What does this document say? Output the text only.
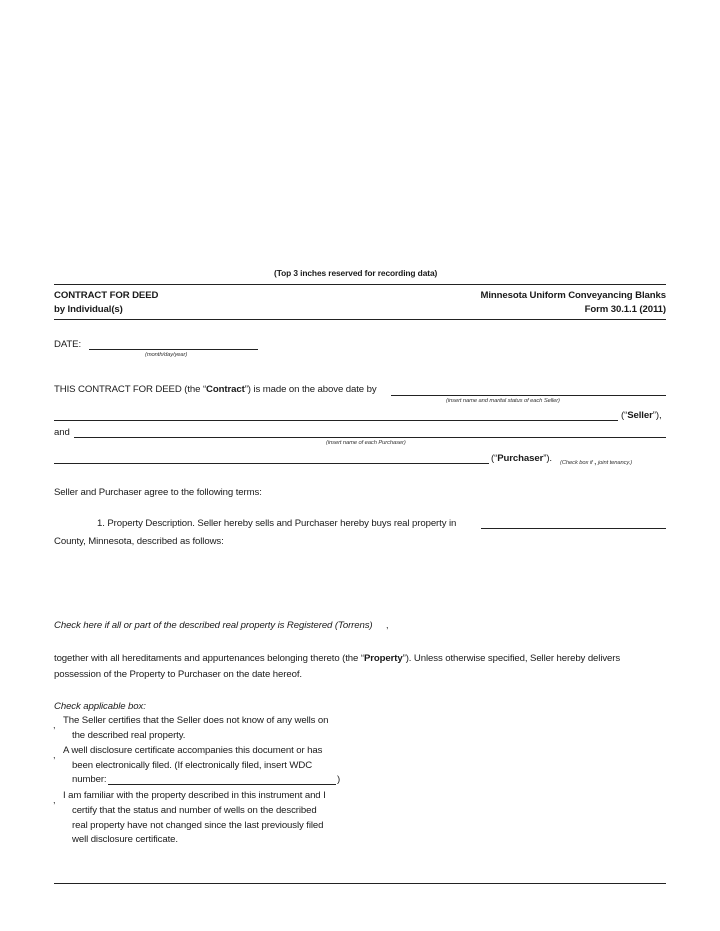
(Top 3 inches reserved for recording data)
CONTRACT FOR DEED
by Individual(s)
Minnesota Uniform Conveyancing Blanks
Form 30.1.1 (2011)
DATE:
(month/day/year)
THIS CONTRACT FOR DEED (the “Contract”) is made on the above date by
(insert name and marital status of each Seller)
(“Seller”),
and
(insert name of each Purchaser)
(“Purchaser”). (Check box if , joint tenancy.)
Seller and Purchaser agree to the following terms:
1. Property Description. Seller hereby sells and Purchaser hereby buys real property in
County, Minnesota, described as follows:
Check here if all or part of the described real property is Registered (Torrens) ,
together with all hereditaments and appurtenances belonging thereto (the “Property”). Unless otherwise specified, Seller hereby delivers
possession of the Property to Purchaser on the date hereof.
Check applicable box:
, The Seller certifies that the Seller does not know of any wells on
the described real property.
, A well disclosure certificate accompanies this document or has
been electronically filed. (If electronically filed, insert WDC
number:	)
, I am familiar with the property described in this instrument and I
certify that the status and number of wells on the described
real property have not changed since the last previously filed
well disclosure certificate.
